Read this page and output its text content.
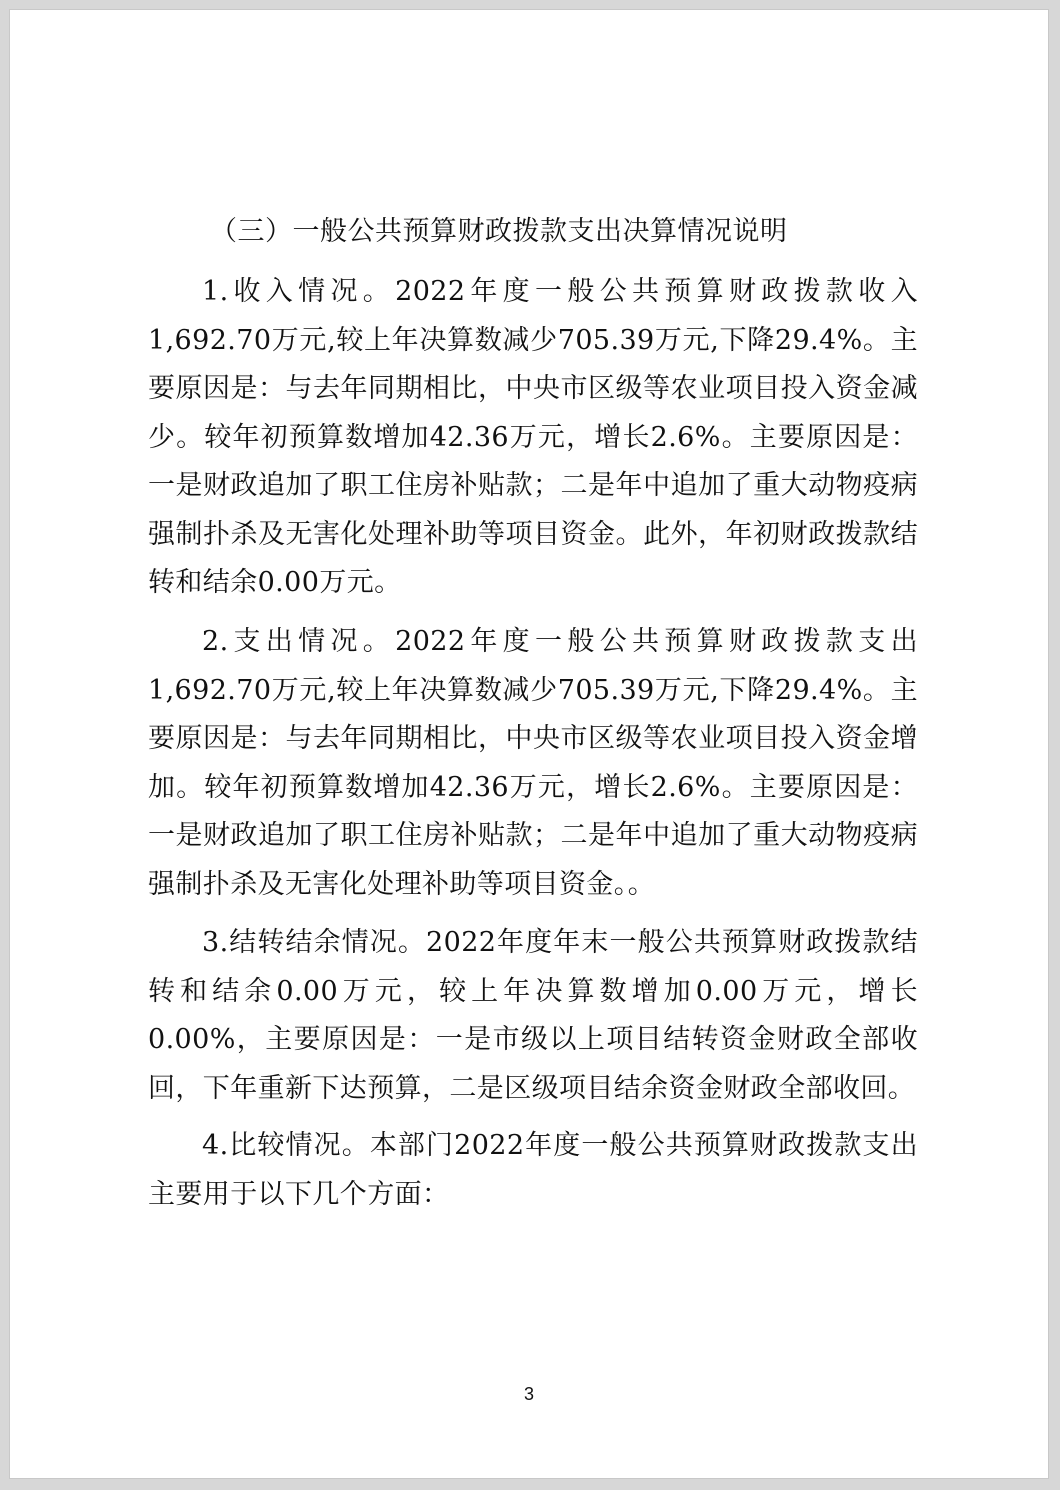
（三）一般公共预算财政拨款支出决算情况说明

1.收入情况。2022年度一般公共预算财政拨款收入1,692.70万元,较上年决算数减少705.39万元,下降29.4%。主要原因是：与去年同期相比，中央市区级等农业项目投入资金减少。较年初预算数增加42.36万元，增长2.6%。主要原因是：一是财政追加了职工住房补贴款；二是年中追加了重大动物疫病强制扑杀及无害化处理补助等项目资金。此外，年初财政拨款结转和结余0.00万元。

2.支出情况。2022年度一般公共预算财政拨款支出1,692.70万元,较上年决算数减少705.39万元,下降29.4%。主要原因是：与去年同期相比，中央市区级等农业项目投入资金增加。较年初预算数增加42.36万元，增长2.6%。主要原因是：一是财政追加了职工住房补贴款；二是年中追加了重大动物疫病强制扑杀及无害化处理补助等项目资金。。

3.结转结余情况。2022年度年末一般公共预算财政拨款结转和结余0.00万元，较上年决算数增加0.00万元，增长0.00%，主要原因是：一是市级以上项目结转资金财政全部收回，下年重新下达预算，二是区级项目结余资金财政全部收回。

4.比较情况。本部门2022年度一般公共预算财政拨款支出主要用于以下几个方面：

3
